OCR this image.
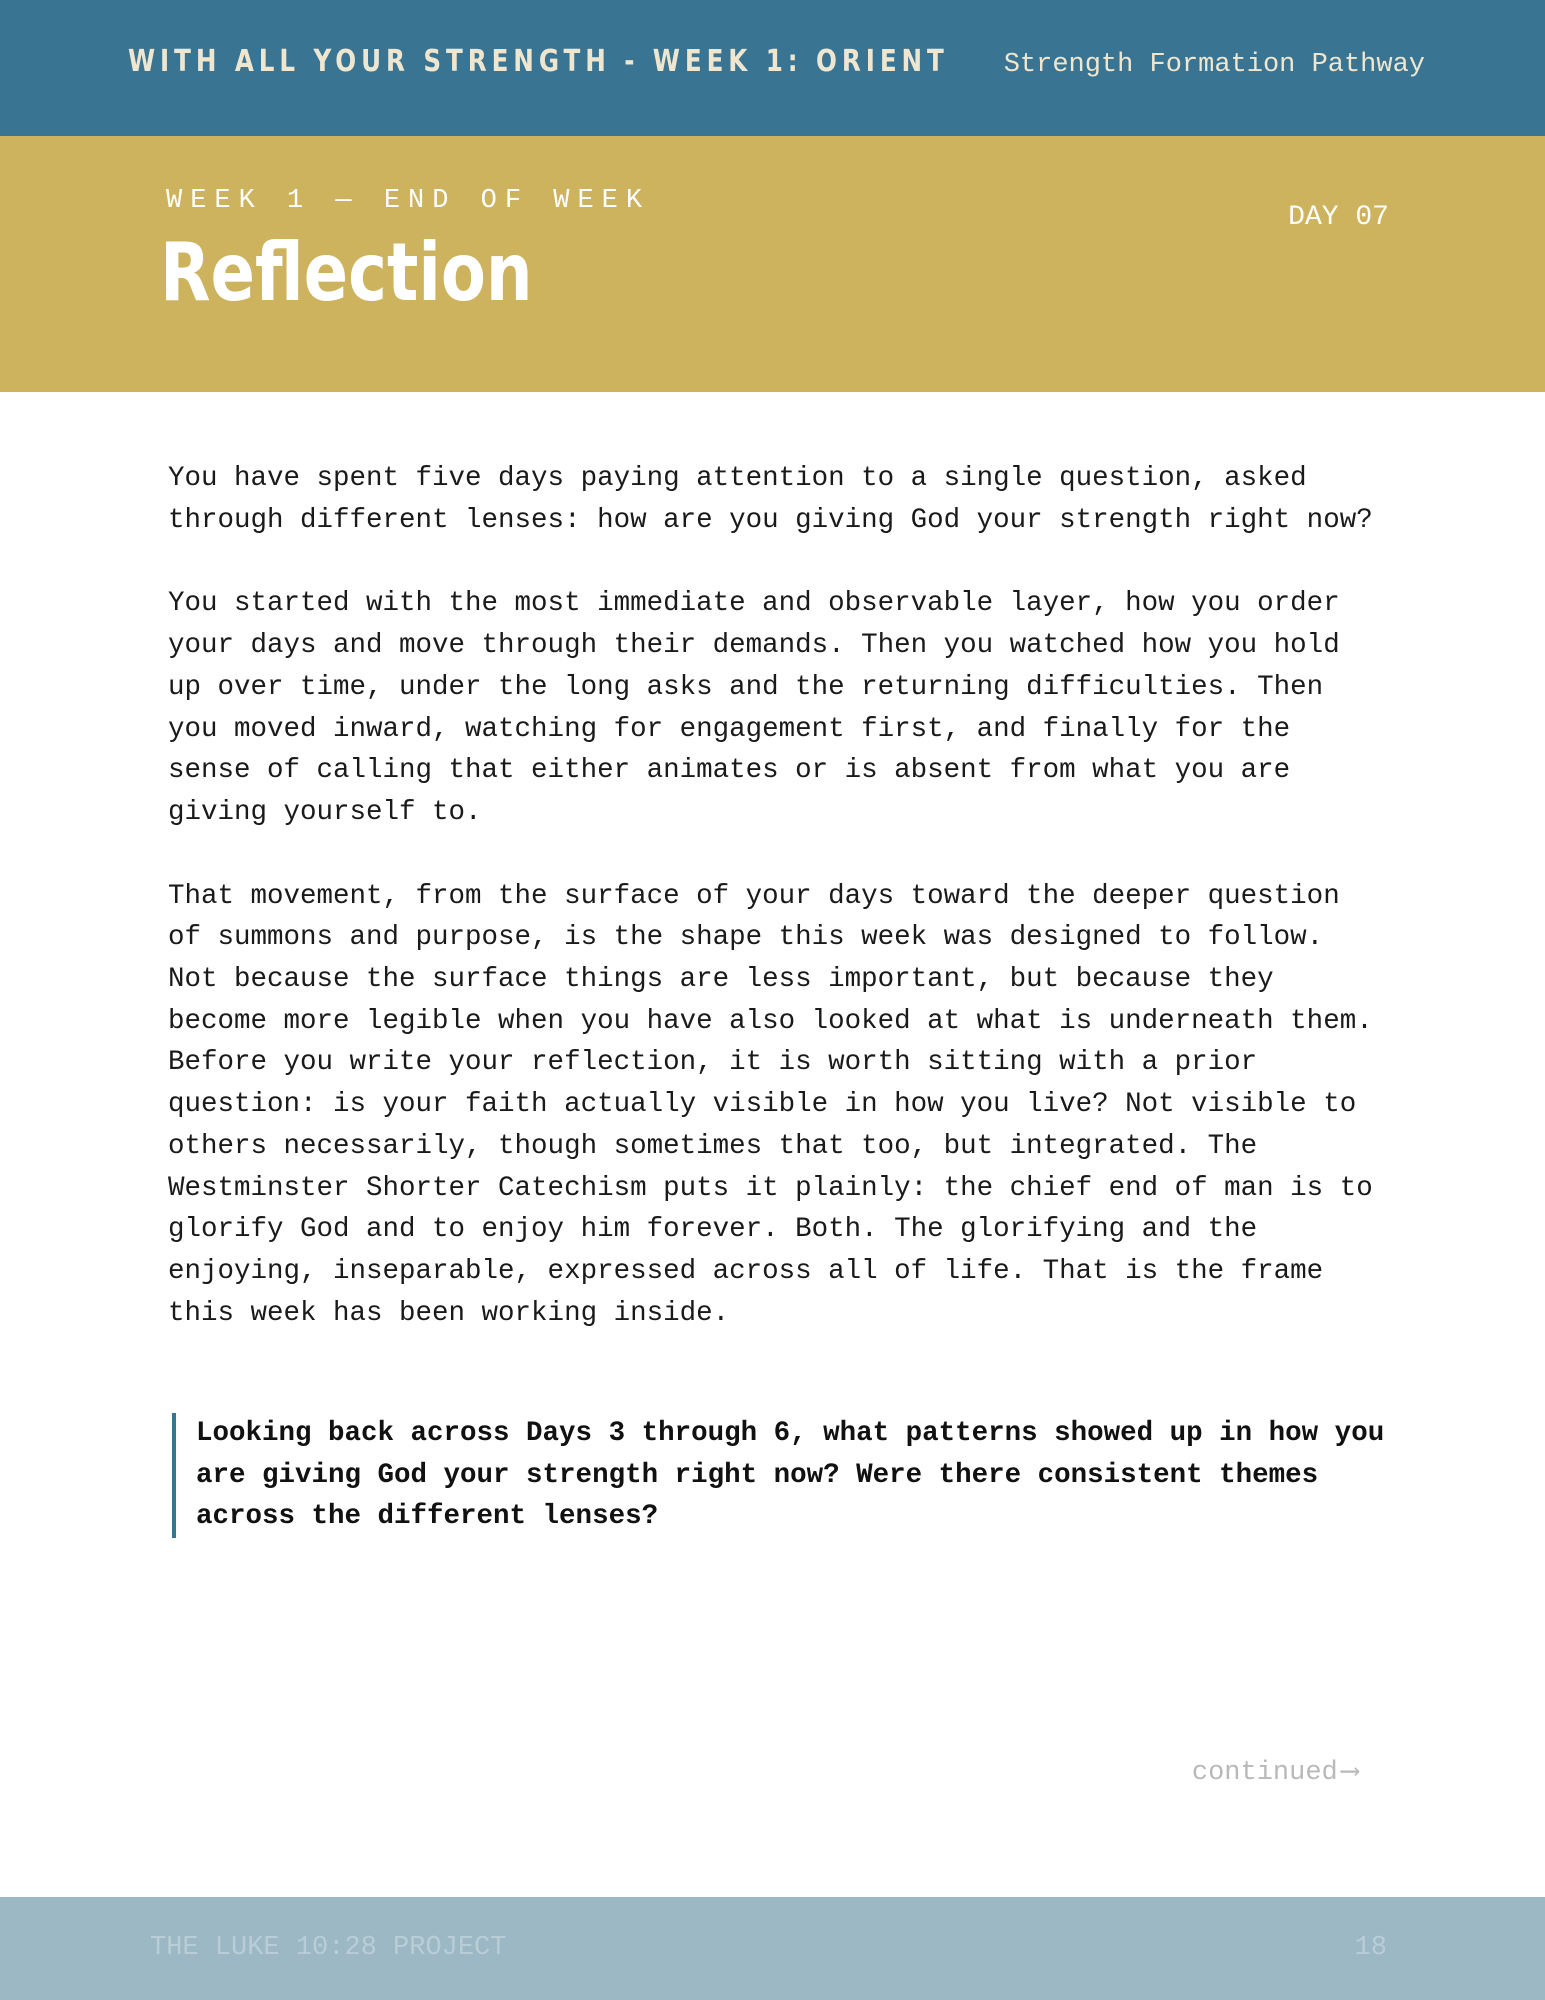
WITH ALL YOUR STRENGTH - WEEK 1: ORIENT Strength Formation Pathway
WEEK 1 — END OF WEEK
Reflection
DAY 07

You have spent five days paying attention to a single question, asked through different lenses: how are you giving God your strength right now?

You started with the most immediate and observable layer, how you order your days and move through their demands. Then you watched how you hold up over time, under the long asks and the returning difficulties. Then you moved inward, watching for engagement first, and finally for the sense of calling that either animates or is absent from what you are giving yourself to.

That movement, from the surface of your days toward the deeper question of summons and purpose, is the shape this week was designed to follow. Not because the surface things are less important, but because they become more legible when you have also looked at what is underneath them. Before you write your reflection, it is worth sitting with a prior question: is your faith actually visible in how you live? Not visible to others necessarily, though sometimes that too, but integrated. The Westminster Shorter Catechism puts it plainly: the chief end of man is to glorify God and to enjoy him forever. Both. The glorifying and the enjoying, inseparable, expressed across all of life. That is the frame this week has been working inside.

Looking back across Days 3 through 6, what patterns showed up in how you are giving God your strength right now? Were there consistent themes across the different lenses?
continued ⟶
THE LUKE 10:28 PROJECT	18
